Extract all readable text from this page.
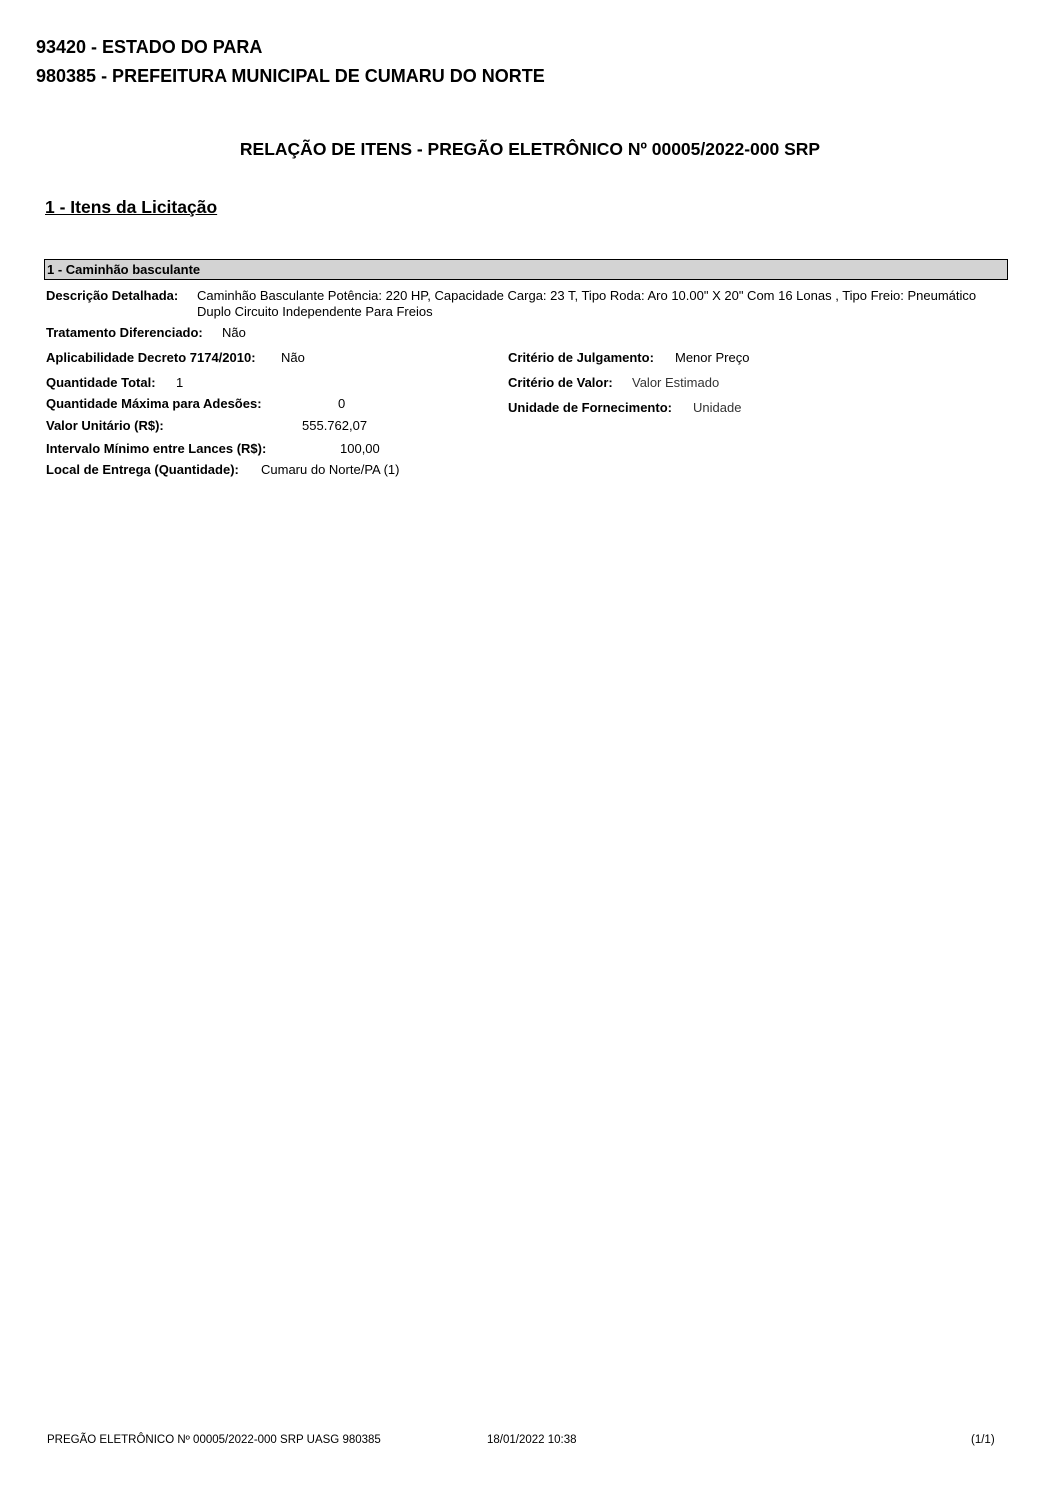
93420 - ESTADO DO PARA
980385 - PREFEITURA MUNICIPAL DE CUMARU DO NORTE
RELAÇÃO DE ITENS - PREGÃO ELETRÔNICO Nº 00005/2022-000 SRP
1 - Itens da Licitação
1 - Caminhão basculante
Descrição Detalhada: Caminhão Basculante Potência: 220 HP, Capacidade Carga: 23 T, Tipo Roda: Aro 10.00" X 20" Com 16 Lonas , Tipo Freio: Pneumático Duplo Circuito Independente Para Freios
Tratamento Diferenciado: Não
Aplicabilidade Decreto 7174/2010: Não
Quantidade Total: 1
Quantidade Máxima para Adesões:	0
Valor Unitário (R$):	555.762,07
Intervalo Mínimo entre Lances (R$):	100,00
Local de Entrega (Quantidade): Cumaru do Norte/PA (1)
Critério de Julgamento: Menor Preço
Critério de Valor: Valor Estimado
Unidade de Fornecimento: Unidade
PREGÃO ELETRÔNICO Nº 00005/2022-000 SRP UASG 980385	18/01/2022 10:38	(1/1)
